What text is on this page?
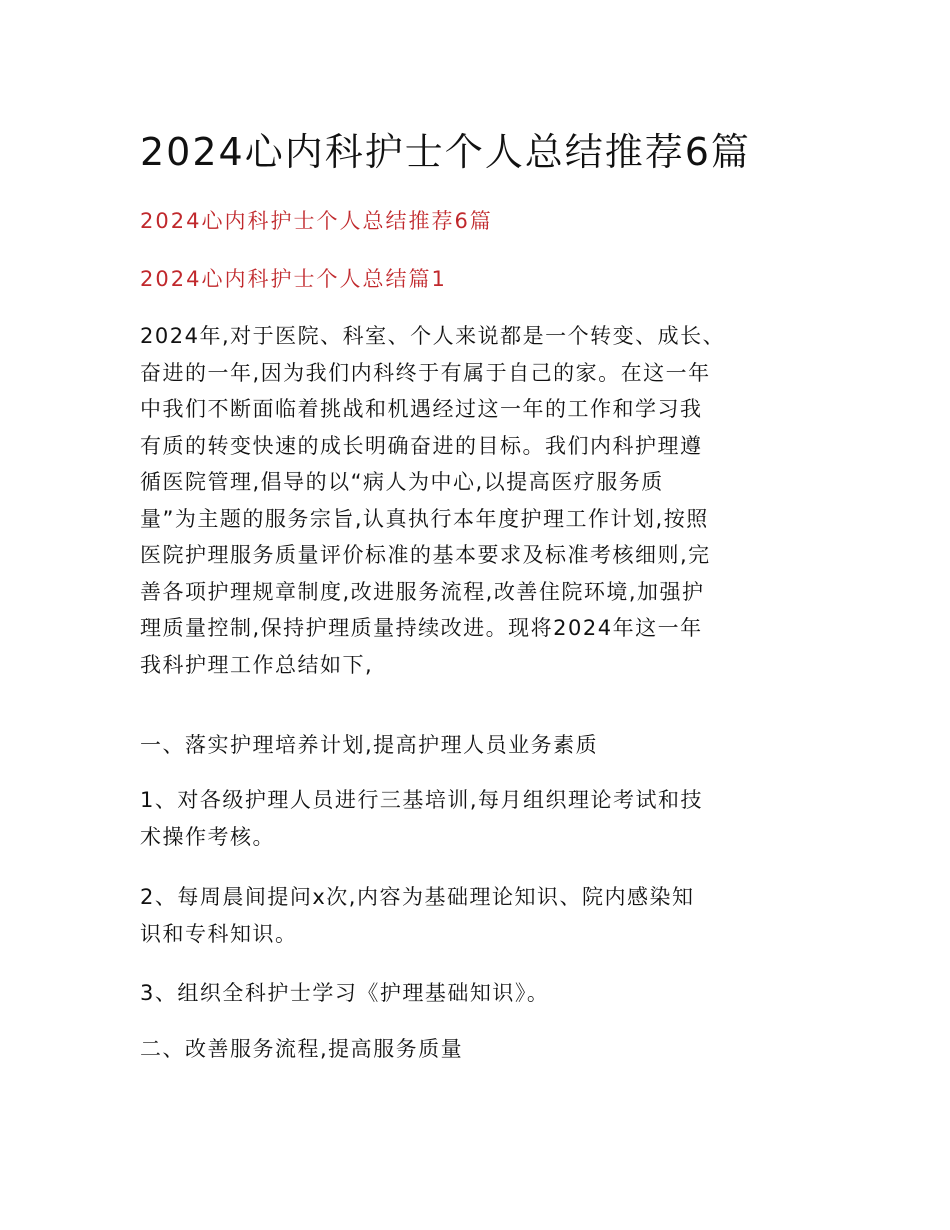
2024心内科护士个人总结推荐6篇
2024心内科护士个人总结推荐6篇
2024心内科护士个人总结篇1
2024年,对于医院、科室、个人来说都是一个转变、成长、
奋进的一年,因为我们内科终于有属于自己的家。在这一年
中我们不断面临着挑战和机遇经过这一年的工作和学习我
有质的转变快速的成长明确奋进的目标。我们内科护理遵
循医院管理,倡导的以“病人为中心,以提高医疗服务质
量”为主题的服务宗旨,认真执行本年度护理工作计划,按照
医院护理服务质量评价标准的基本要求及标准考核细则,完
善各项护理规章制度,改进服务流程,改善住院环境,加强护
理质量控制,保持护理质量持续改进。现将2024年这一年
我科护理工作总结如下,
一、落实护理培养计划,提高护理人员业务素质
1、对各级护理人员进行三基培训,每月组织理论考试和技
术操作考核。
2、每周晨间提问x次,内容为基础理论知识、院内感染知
识和专科知识。
3、组织全科护士学习《护理基础知识》。
二、改善服务流程,提高服务质量
